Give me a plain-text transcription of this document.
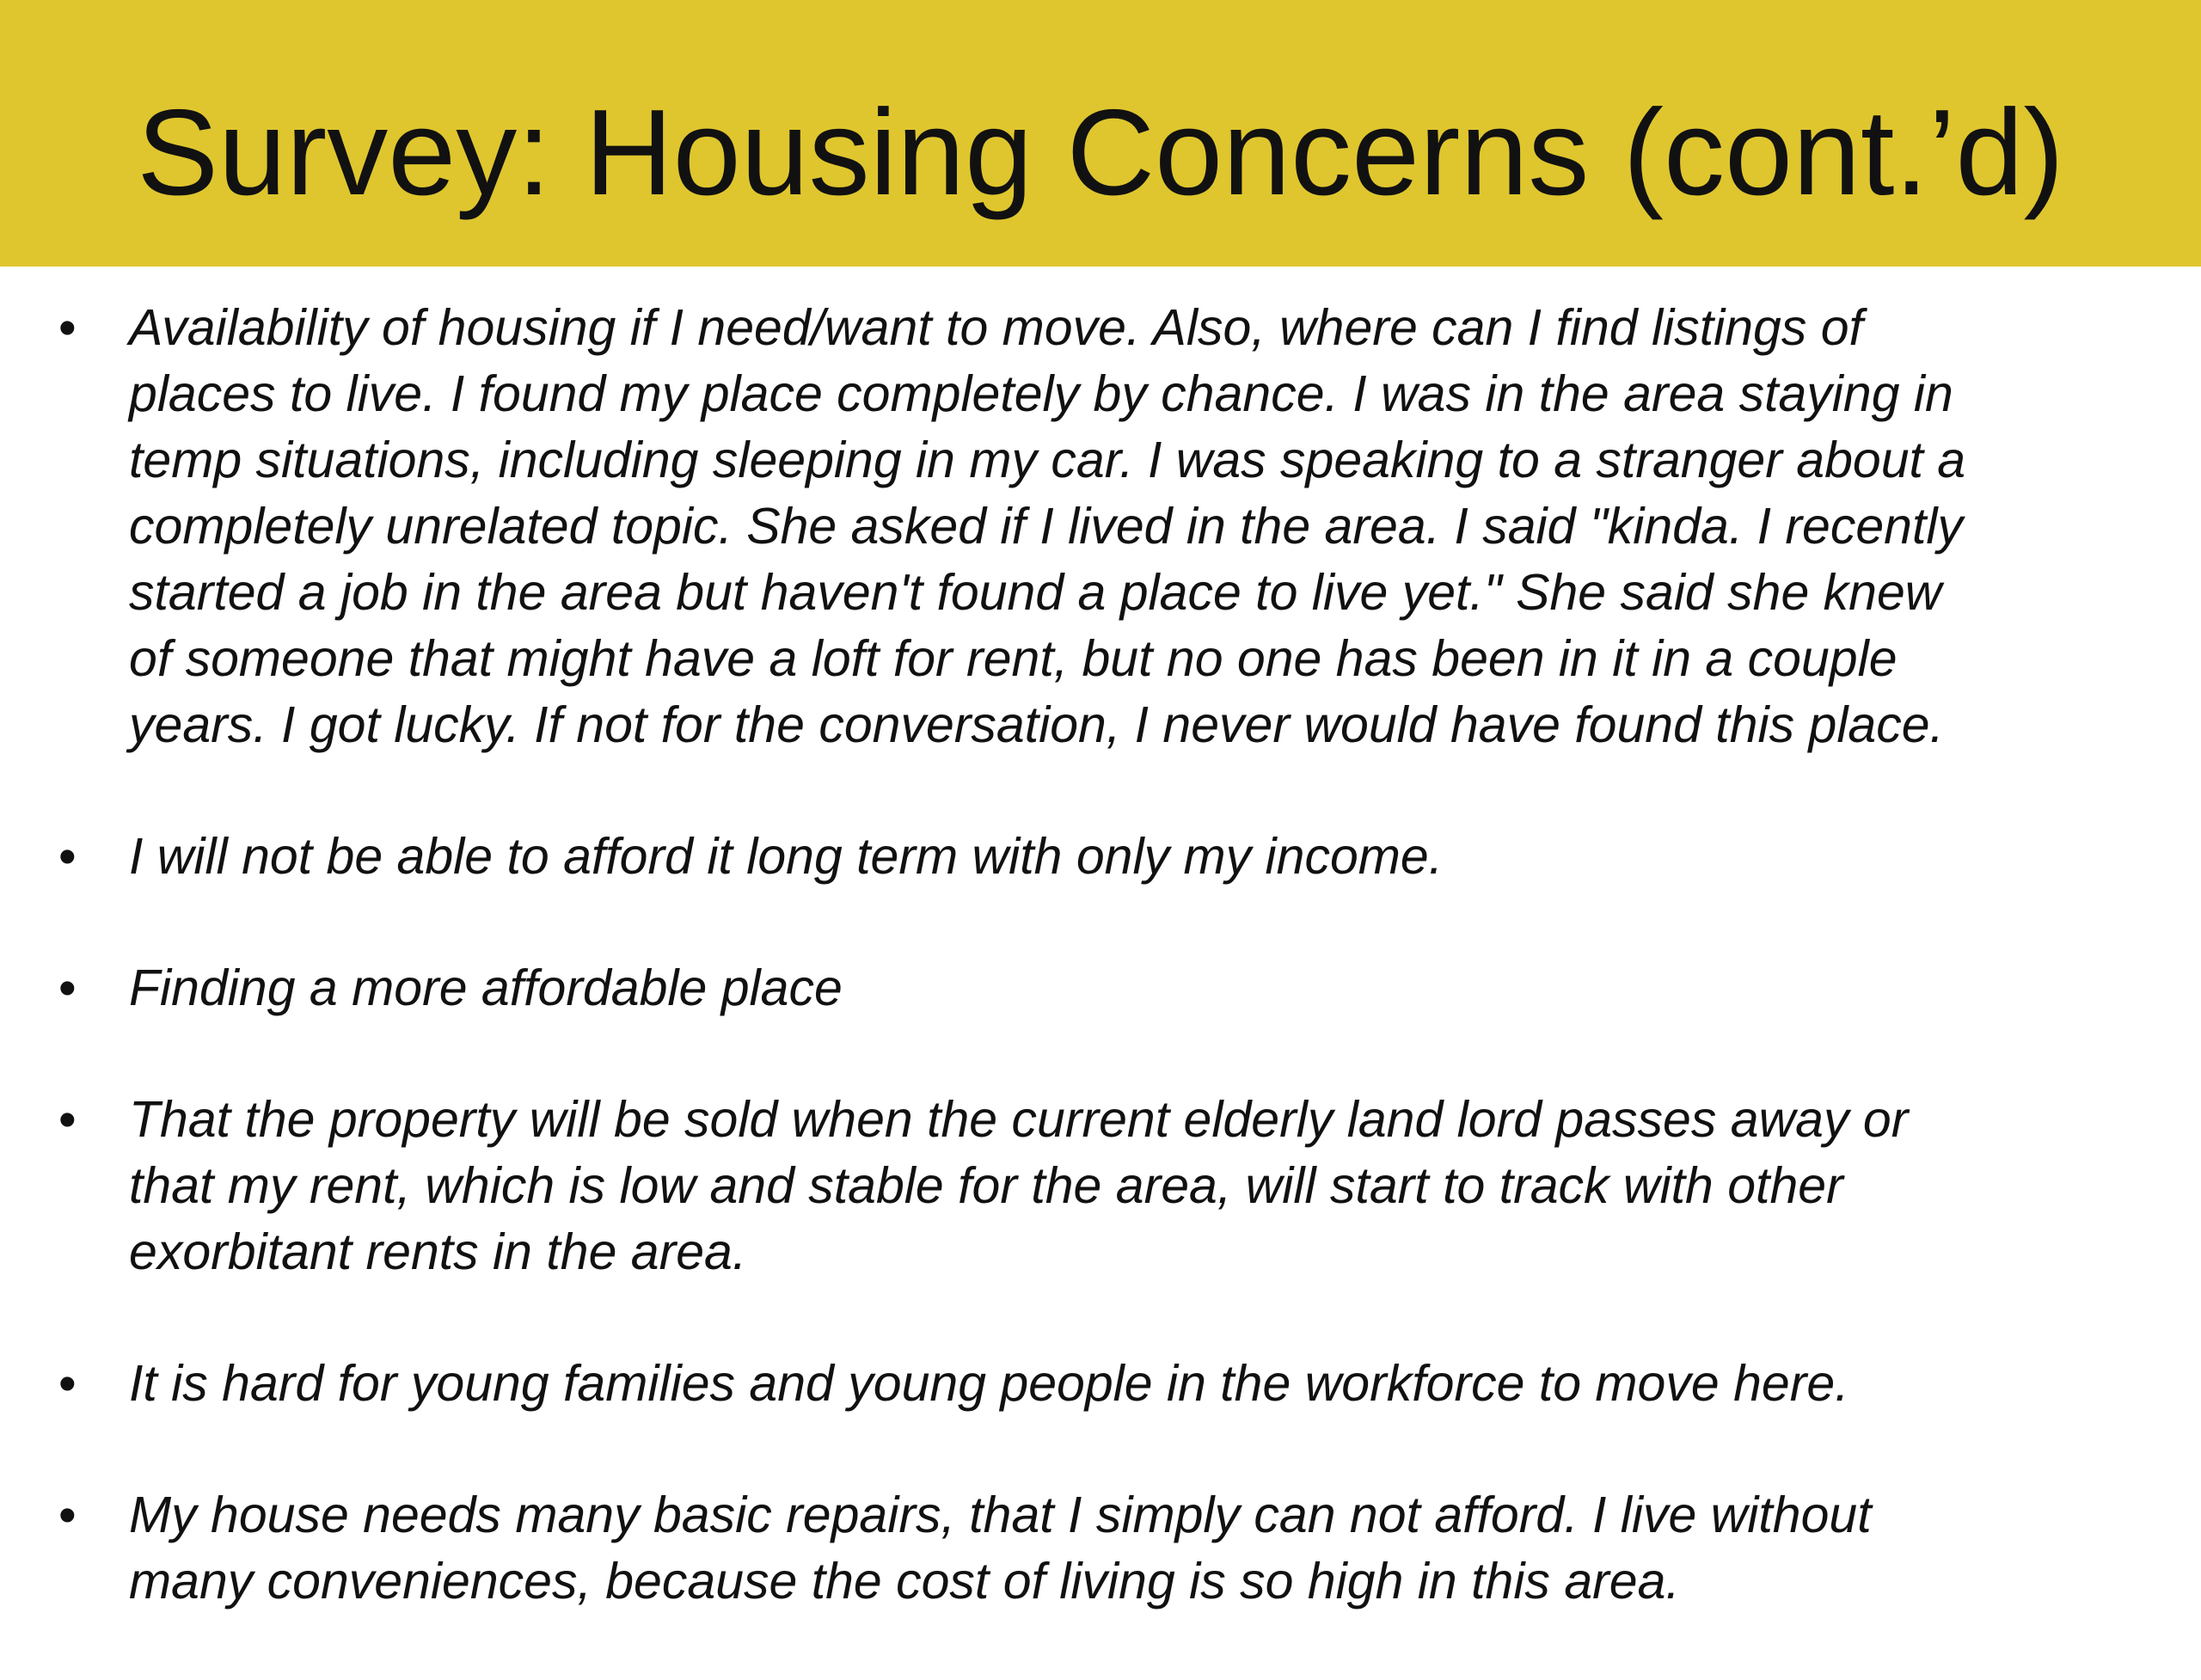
Survey: Housing Concerns (cont.’d)
• Availability of housing if I need/want to move. Also, where can I find listings of
places to live. I found my place completely by chance. I was in the area staying in
temp situations, including sleeping in my car. I was speaking to a stranger about a
completely unrelated topic. She asked if I lived in the area. I said "kinda. I recently
started a job in the area but haven't found a place to live yet." She said she knew
of someone that might have a loft for rent, but no one has been in it in a couple
years. I got lucky. If not for the conversation, I never would have found this place.
• I will not be able to afford it long term with only my income.
• Finding a more affordable place
• That the property will be sold when the current elderly land lord passes away or
that my rent, which is low and stable for the area, will start to track with other
exorbitant rents in the area.
• It is hard for young families and young people in the workforce to move here.
• My house needs many basic repairs, that I simply can not afford. I live without
many conveniences, because the cost of living is so high in this area.
